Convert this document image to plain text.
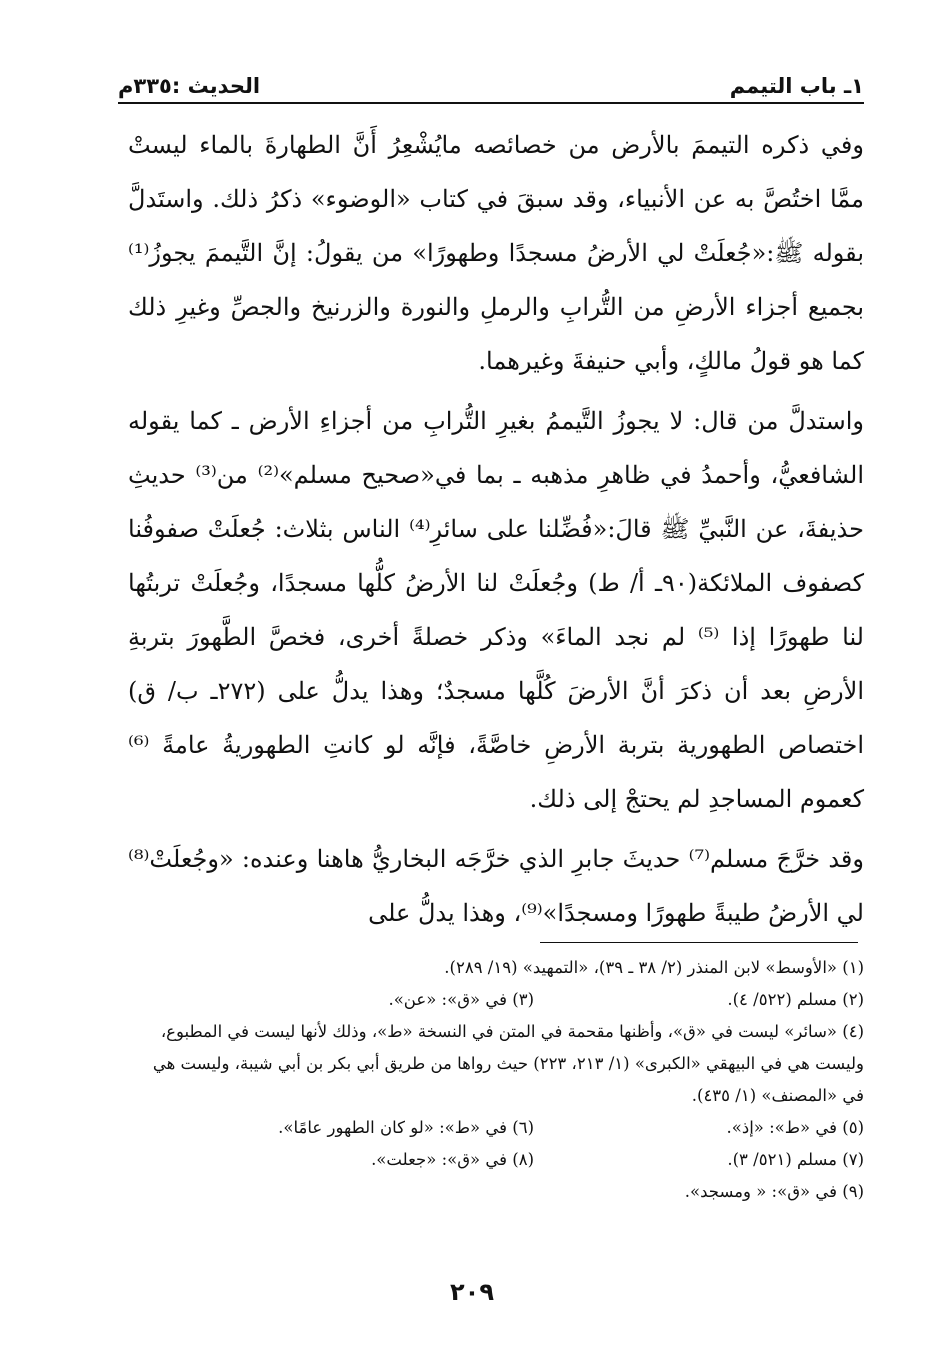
١ـ باب التيمم
الحديث :٣٣٥م

وفي ذكره التيممَ بالأرض من خصائصه مايُشْعِرُ أَنَّ الطهارةَ بالماء ليستْ ممَّا اختُصَّ به عن الأنبياء، وقد سبقَ في كتاب «الوضوء» ذكرُ ذلك. واستَدلَّ بقوله ﷺ:«جُعلَتْ لي الأرضُ مسجدًا وطهورًا» من يقولُ: إنَّ التَّيممَ يجوزُ⁽¹⁾ بجميع أجزاء الأرضِ من التُّرابِ والرملِ والنورة والزرنيخ والجصِّ وغيرِ ذلك كما هو قولُ مالكٍ، وأبي حنيفةَ وغيرهما.

واستدلَّ من قال: لا يجوزُ التَّيممُ بغيرِ التُّرابِ من أجزاءِ الأرض ـ كما يقوله الشافعيُّ، وأحمدُ في ظاهرِ مذهبه ـ بما في«صحيح مسلم»⁽²⁾ من⁽³⁾ حديثِ حذيفةَ، عن النَّبيِّ ﷺ قالَ:«فُضِّلنا على سائرِ⁽⁴⁾ الناس بثلاث: جُعلَتْ صفوفُنا كصفوف الملائكة(٩٠ـ أ/ ط) وجُعلَتْ لنا الأرضُ كلُّها مسجدًا، وجُعلَتْ تربتُها لنا طهورًا إذا ⁽⁵⁾ لم نجد الماءَ» وذكر خصلةً أخرى، فخصَّ الطَّهورَ بتربةِ الأرضِ بعد أن ذكرَ أنَّ الأرضَ كُلَّها مسجدٌ؛ وهذا يدلُّ على (٢٧٢ـ ب/ ق) اختصاص الطهورية بتربة الأرضِ خاصَّةً، فإنَّه لو كانتِ الطهوريةُ عامةً ⁽⁶⁾كعموم المساجدِ لم يحتجْ إلى ذلك.

وقد خرَّجَ مسلم⁽⁷⁾ حديثَ جابرِ الذي خرَّجَه البخاريُّ هاهنا وعنده: «وجُعلَتْ⁽⁸⁾ لي الأرضُ طيبةً طهورًا ومسجدًا»⁽⁹⁾، وهذا يدلُّ على

(١) «الأوسط» لابن المنذر (٢/ ٣٨ ـ ٣٩)، «التمهيد» (١٩/ ٢٨٩).

(٢) مسلم (٥٢٢/ ٤).

(٣) في «ق»: «عن».

(٤) «سائر» ليست في «ق»، وأظنها مقحمة في المتن في النسخة «ط»، وذلك لأنها ليست في المطبوع، وليست هي في البيهقي «الكبرى» (١/ ٢١٣، ٢٢٣) حيث رواها من طريق أبي بكر بن أبي شيبة، وليست هي في «المصنف» (١/ ٤٣٥).

(٥) في «ط»: «إذ».

(٦) في «ط»: «لو كان الطهور عامًا».

(٧) مسلم (٥٢١/ ٣).

(٨) في «ق»: «جعلت».

(٩) في «ق»: « ومسجد».

٢٠٩
